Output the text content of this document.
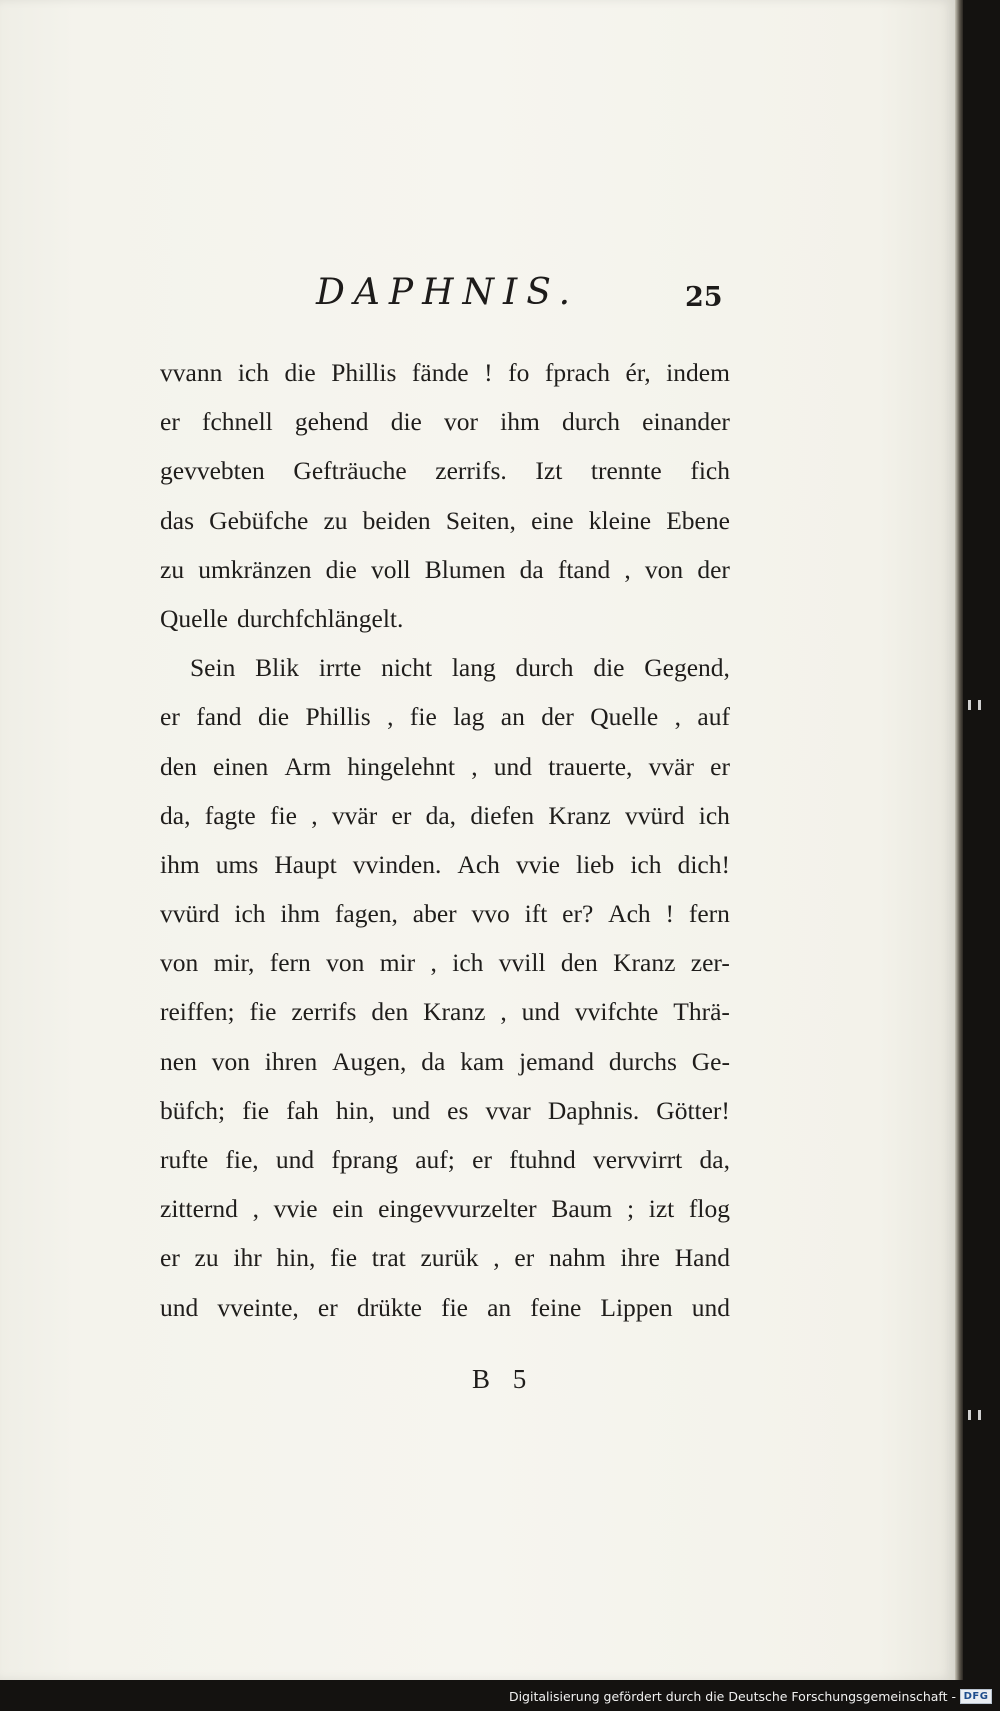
DAPHNIS.	25
vvann ich die Phillis fände ! fo fprach ér, indem
er fchnell gehend die vor ihm durch einander
gevvebten Gefträuche zerrifs. Izt trennte fich
das Gebüfche zu beiden Seiten, eine kleine Ebene
zu umkränzen die voll Blumen da ftand , von der
Quelle durchfchlängelt.
Sein Blik irrte nicht lang durch die Gegend,
er fand die Phillis , fie lag an der Quelle , auf
den einen Arm hingelehnt , und trauerte, vvär er
da, fagte fie , vvär er da, diefen Kranz vvürd ich
ihm ums Haupt vvinden. Ach vvie lieb ich dich!
vvürd ich ihm fagen, aber vvo ift er? Ach ! fern
von mir, fern von mir , ich vvill den Kranz zer-
reiffen; fie zerrifs den Kranz , und vvifchte Thrä-
nen von ihren Augen, da kam jemand durchs Ge-
büfch; fie fah hin, und es vvar Daphnis. Götter!
rufte fie, und fprang auf; er ftuhnd vervvirrt da,
zitternd , vvie ein eingevvurzelter Baum ; izt flog
er zu ihr hin, fie trat zurük , er nahm ihre Hand
und vveinte, er drükte fie an feine Lippen und
B 5
Digitalisierung gefördert durch die Deutsche Forschungsgemeinschaft - DFG
